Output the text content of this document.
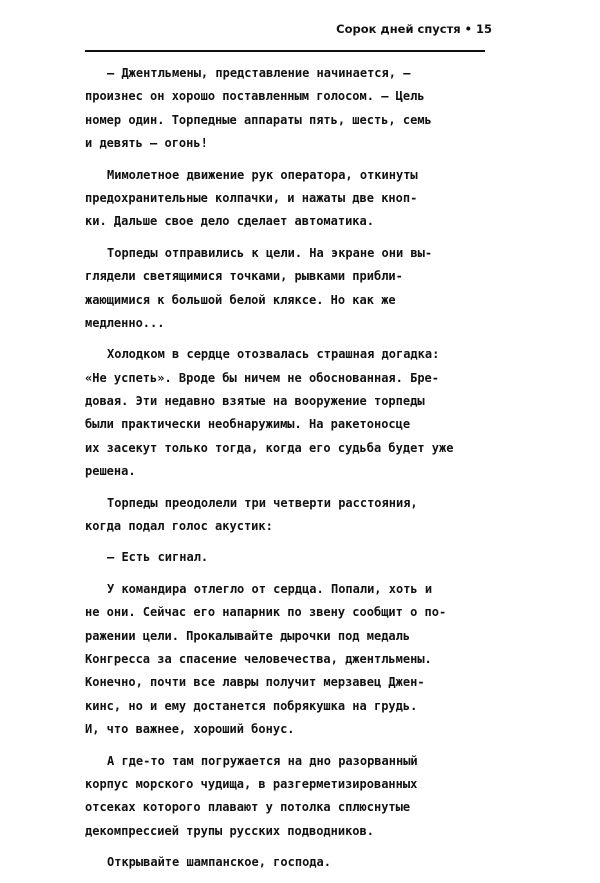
Сорок дней спустя • 15
— Джентльмены, представление начинается, —
произнес он хорошо поставленным голосом. — Цель
номер один. Торпедные аппараты пять, шесть, семь
и девять — огонь!
Мимолетное движение рук оператора, откинуты
предохранительные колпачки, и нажаты две кноп-
ки. Дальше свое дело сделает автоматика.
Торпеды отправились к цели. На экране они вы-
глядели светящимися точками, рывками прибли-
жающимися к большой белой кляксе. Но как же
медленно...
Холодком в сердце отозвалась страшная догадка:
«Не успеть». Вроде бы ничем не обоснованная. Бре-
довая. Эти недавно взятые на вооружение торпеды
были практически необнаружимы. На ракетоносце
их засекут только тогда, когда его судьба будет уже
решена.
Торпеды преодолели три четверти расстояния,
когда подал голос акустик:
— Есть сигнал.
У командира отлегло от сердца. Попали, хоть и
не они. Сейчас его напарник по звену сообщит о по-
ражении цели. Прокалывайте дырочки под медаль
Конгресса за спасение человечества, джентльмены.
Конечно, почти все лавры получит мерзавец Джен-
кинс, но и ему достанется побрякушка на грудь.
И, что важнее, хороший бонус.
А где-то там погружается на дно разорванный
корпус морского чудища, в разгерметизированных
отсеках которого плавают у потолка сплюснутые
декомпрессией трупы русских подводников.
Открывайте шампанское, господа.
